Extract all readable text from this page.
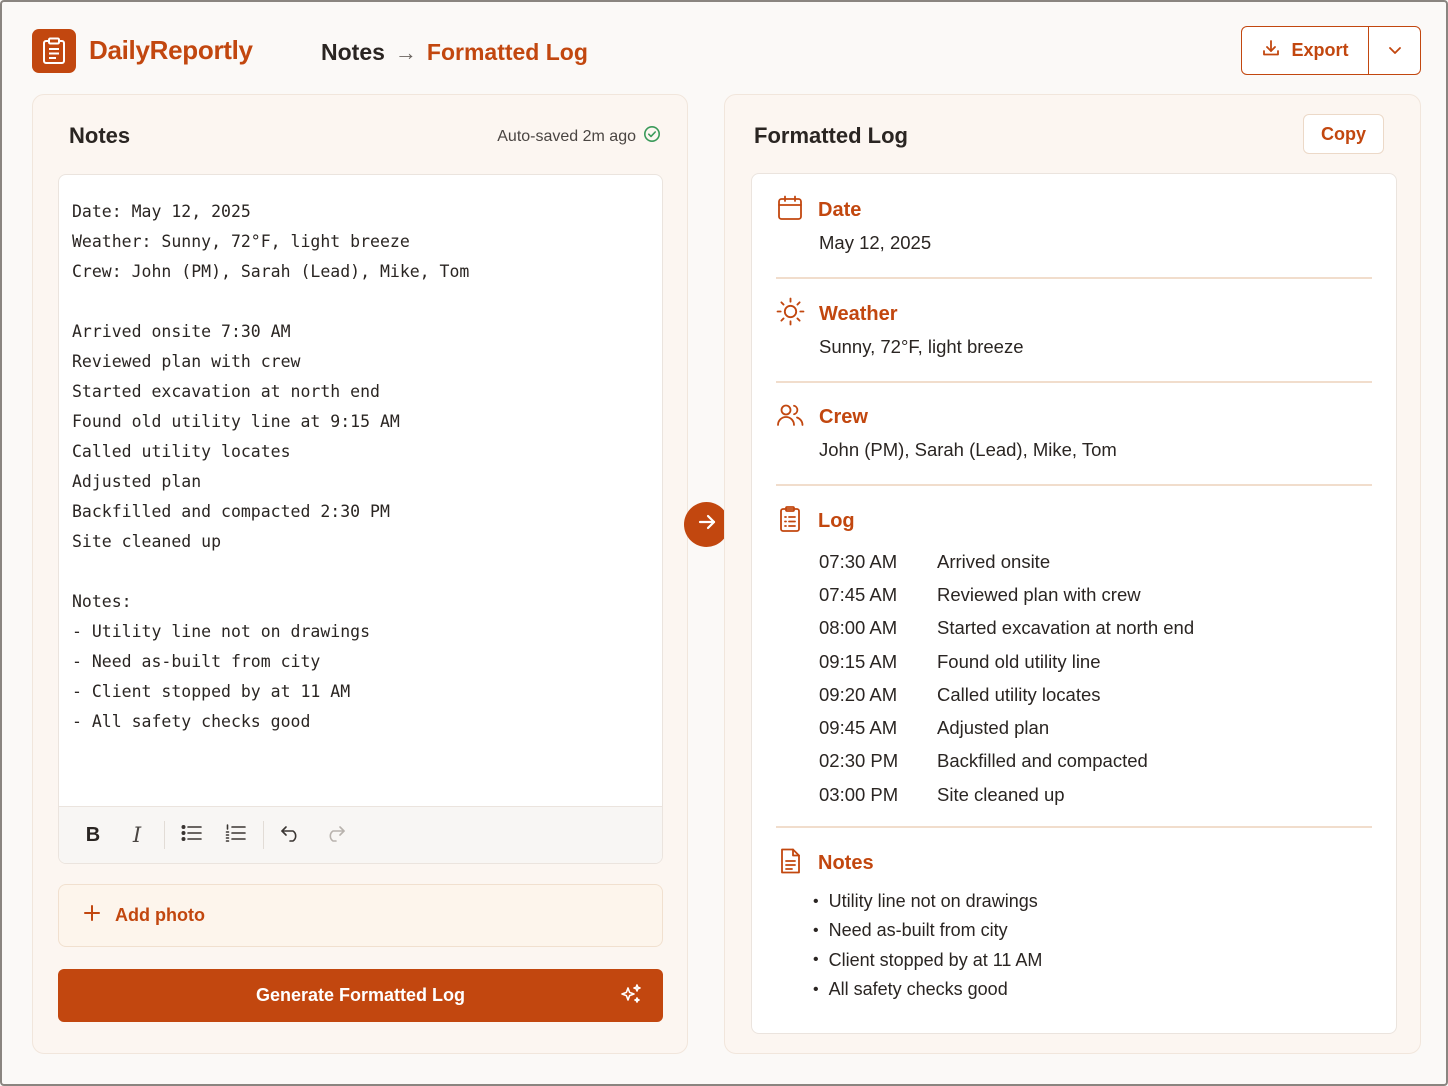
DailyReportly	Notes → Formatted Log	Export
Notes	Auto-saved 2m ago
Date: May 12, 2025
Weather: Sunny, 72°F, light breeze
Crew: John (PM), Sarah (Lead), Mike, Tom

Arrived onsite 7:30 AM
Reviewed plan with crew
Started excavation at north end
Found old utility line at 9:15 AM
Called utility locates
Adjusted plan
Backfilled and compacted 2:30 PM
Site cleaned up

Notes:
- Utility line not on drawings
- Need as-built from city
- Client stopped by at 11 AM
- All safety checks good
B	I
Add photo
Generate Formatted Log
Formatted Log	Copy
Date
May 12, 2025
Weather
Sunny, 72°F, light breeze
Crew
John (PM), Sarah (Lead), Mike, Tom
Log
07:30 AM	Arrived onsite
07:45 AM	Reviewed plan with crew
08:00 AM	Started excavation at north end
09:15 AM	Found old utility line
09:20 AM	Called utility locates
09:45 AM	Adjusted plan
02:30 PM	Backfilled and compacted
03:00 PM	Site cleaned up
Notes
• Utility line not on drawings
• Need as-built from city
• Client stopped by at 11 AM
• All safety checks good
